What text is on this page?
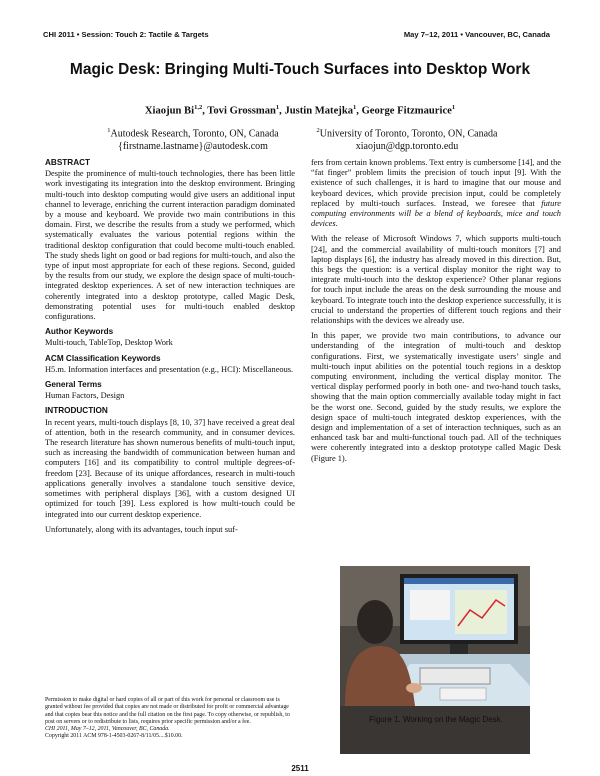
CHI 2011 • Session: Touch 2: Tactile & Targets	May 7–12, 2011 • Vancouver, BC, Canada
Magic Desk: Bringing Multi-Touch Surfaces into Desktop Work
Xiaojun Bi$^{1,2}$, Tovi Grossman$^1$, Justin Matejka$^1$, George Fitzmaurice$^1$
$^1$Autodesk Research, Toronto, ON, Canada
{firstname.lastname}@autodesk.com
$^2$University of Toronto, Toronto, ON, Canada
xiaojun@dgp.toronto.edu
ABSTRACT

Despite the prominence of multi-touch technologies, there has been little work investigating its integration into the desktop environment. Bringing multi-touch into desktop computing would give users an additional input channel to leverage, enriching the current interaction paradigm dominated by a mouse and keyboard. We provide two main contributions in this domain. First, we describe the results from a study we performed, which systematically evaluates the various potential regions within the traditional desktop configuration that could become multi-touch enabled. The study sheds light on good or bad regions for multi-touch, and also the type of input most appropriate for each of these regions. Second, guided by the results from our study, we explore the design space of multi-touch-integrated desktop experiences. A set of new interaction techniques are coherently integrated into a desktop prototype, called Magic Desk, demonstrating potential uses for multi-touch enabled desktop configurations.

Author Keywords

Multi-touch, TableTop, Desktop Work

ACM Classification Keywords

H5.m. Information interfaces and presentation (e.g., HCI): Miscellaneous.

General Terms

Human Factors, Design

INTRODUCTION

In recent years, multi-touch displays [8, 10, 37] have received a great deal of attention, both in the research community, and in consumer devices. The research literature has shown numerous benefits of multi-touch input, such as increasing the bandwidth of communication between human and computers [16] and its compatibility to control multiple degrees-of-freedom [23]. Because of its unique affordances, research in multi-touch applications generally involves a standalone touch sensitive device, sometimes with peripheral displays [36], with a custom designed UI optimized for touch [39]. Less explored is how multi-touch could be integrated into our current desktop experience.

Unfortunately, along with its advantages, touch input suf-

Permission to make digital or hard copies of all or part of this work for personal or classroom use is granted without fee provided that copies are not made or distributed for profit or commercial advantage and that copies bear this notice and the full citation on the first page. To copy otherwise, or republish, to post on servers or to redistribute to lists, requires prior specific permission and/or a fee.

CHI 2011, May 7–12, 2011, Vancouver, BC, Canada.

Copyright 2011 ACM 978-1-4503-0267-8/11/05....$10.00.

fers from certain known problems. Text entry is cumbersome [14], and the “fat finger” problem limits the precision of touch input [9]. With the existence of such challenges, it is hard to imagine that our mouse and keyboard devices, which provide precision input, could be completely replaced by multi-touch surfaces. Instead, we foresee that future computing environments will be a blend of keyboards, mice and touch devices.

With the release of Microsoft Windows 7, which supports multi-touch [24], and the commercial availability of multi-touch monitors [7] and laptop displays [6], the industry has already moved in this direction. But, this begs the question: is a vertical display monitor the right way to integrate multi-touch into the desktop experience? Other planar regions for touch input include the areas on the desk surrounding the mouse and keyboard. To integrate touch into the desktop experience successfully, it is crucial to understand the properties of different touch regions and their relationships with the devices we already use.

In this paper, we provide two main contributions, to advance our understanding of the integration of multi-touch and desktop configurations. First, we systematically investigate users’ single and multi-touch input abilities on the potential touch regions in a desktop computing environment, including the vertical display monitor. The vertical display performed poorly in both one- and two-hand touch tasks, showing that the main option commercially available today might in fact be the worst one. Second, guided by the study results, we explore the design space of multi-touch integrated desktop experiences, with the design and implementation of a set of interaction techniques, such as an enhanced task bar and multi-functional touch pad. All of the techniques were coherently integrated into a desktop prototype called Magic Desk (Figure 1).

Figure 1. Working on the Magic Desk.
2511
